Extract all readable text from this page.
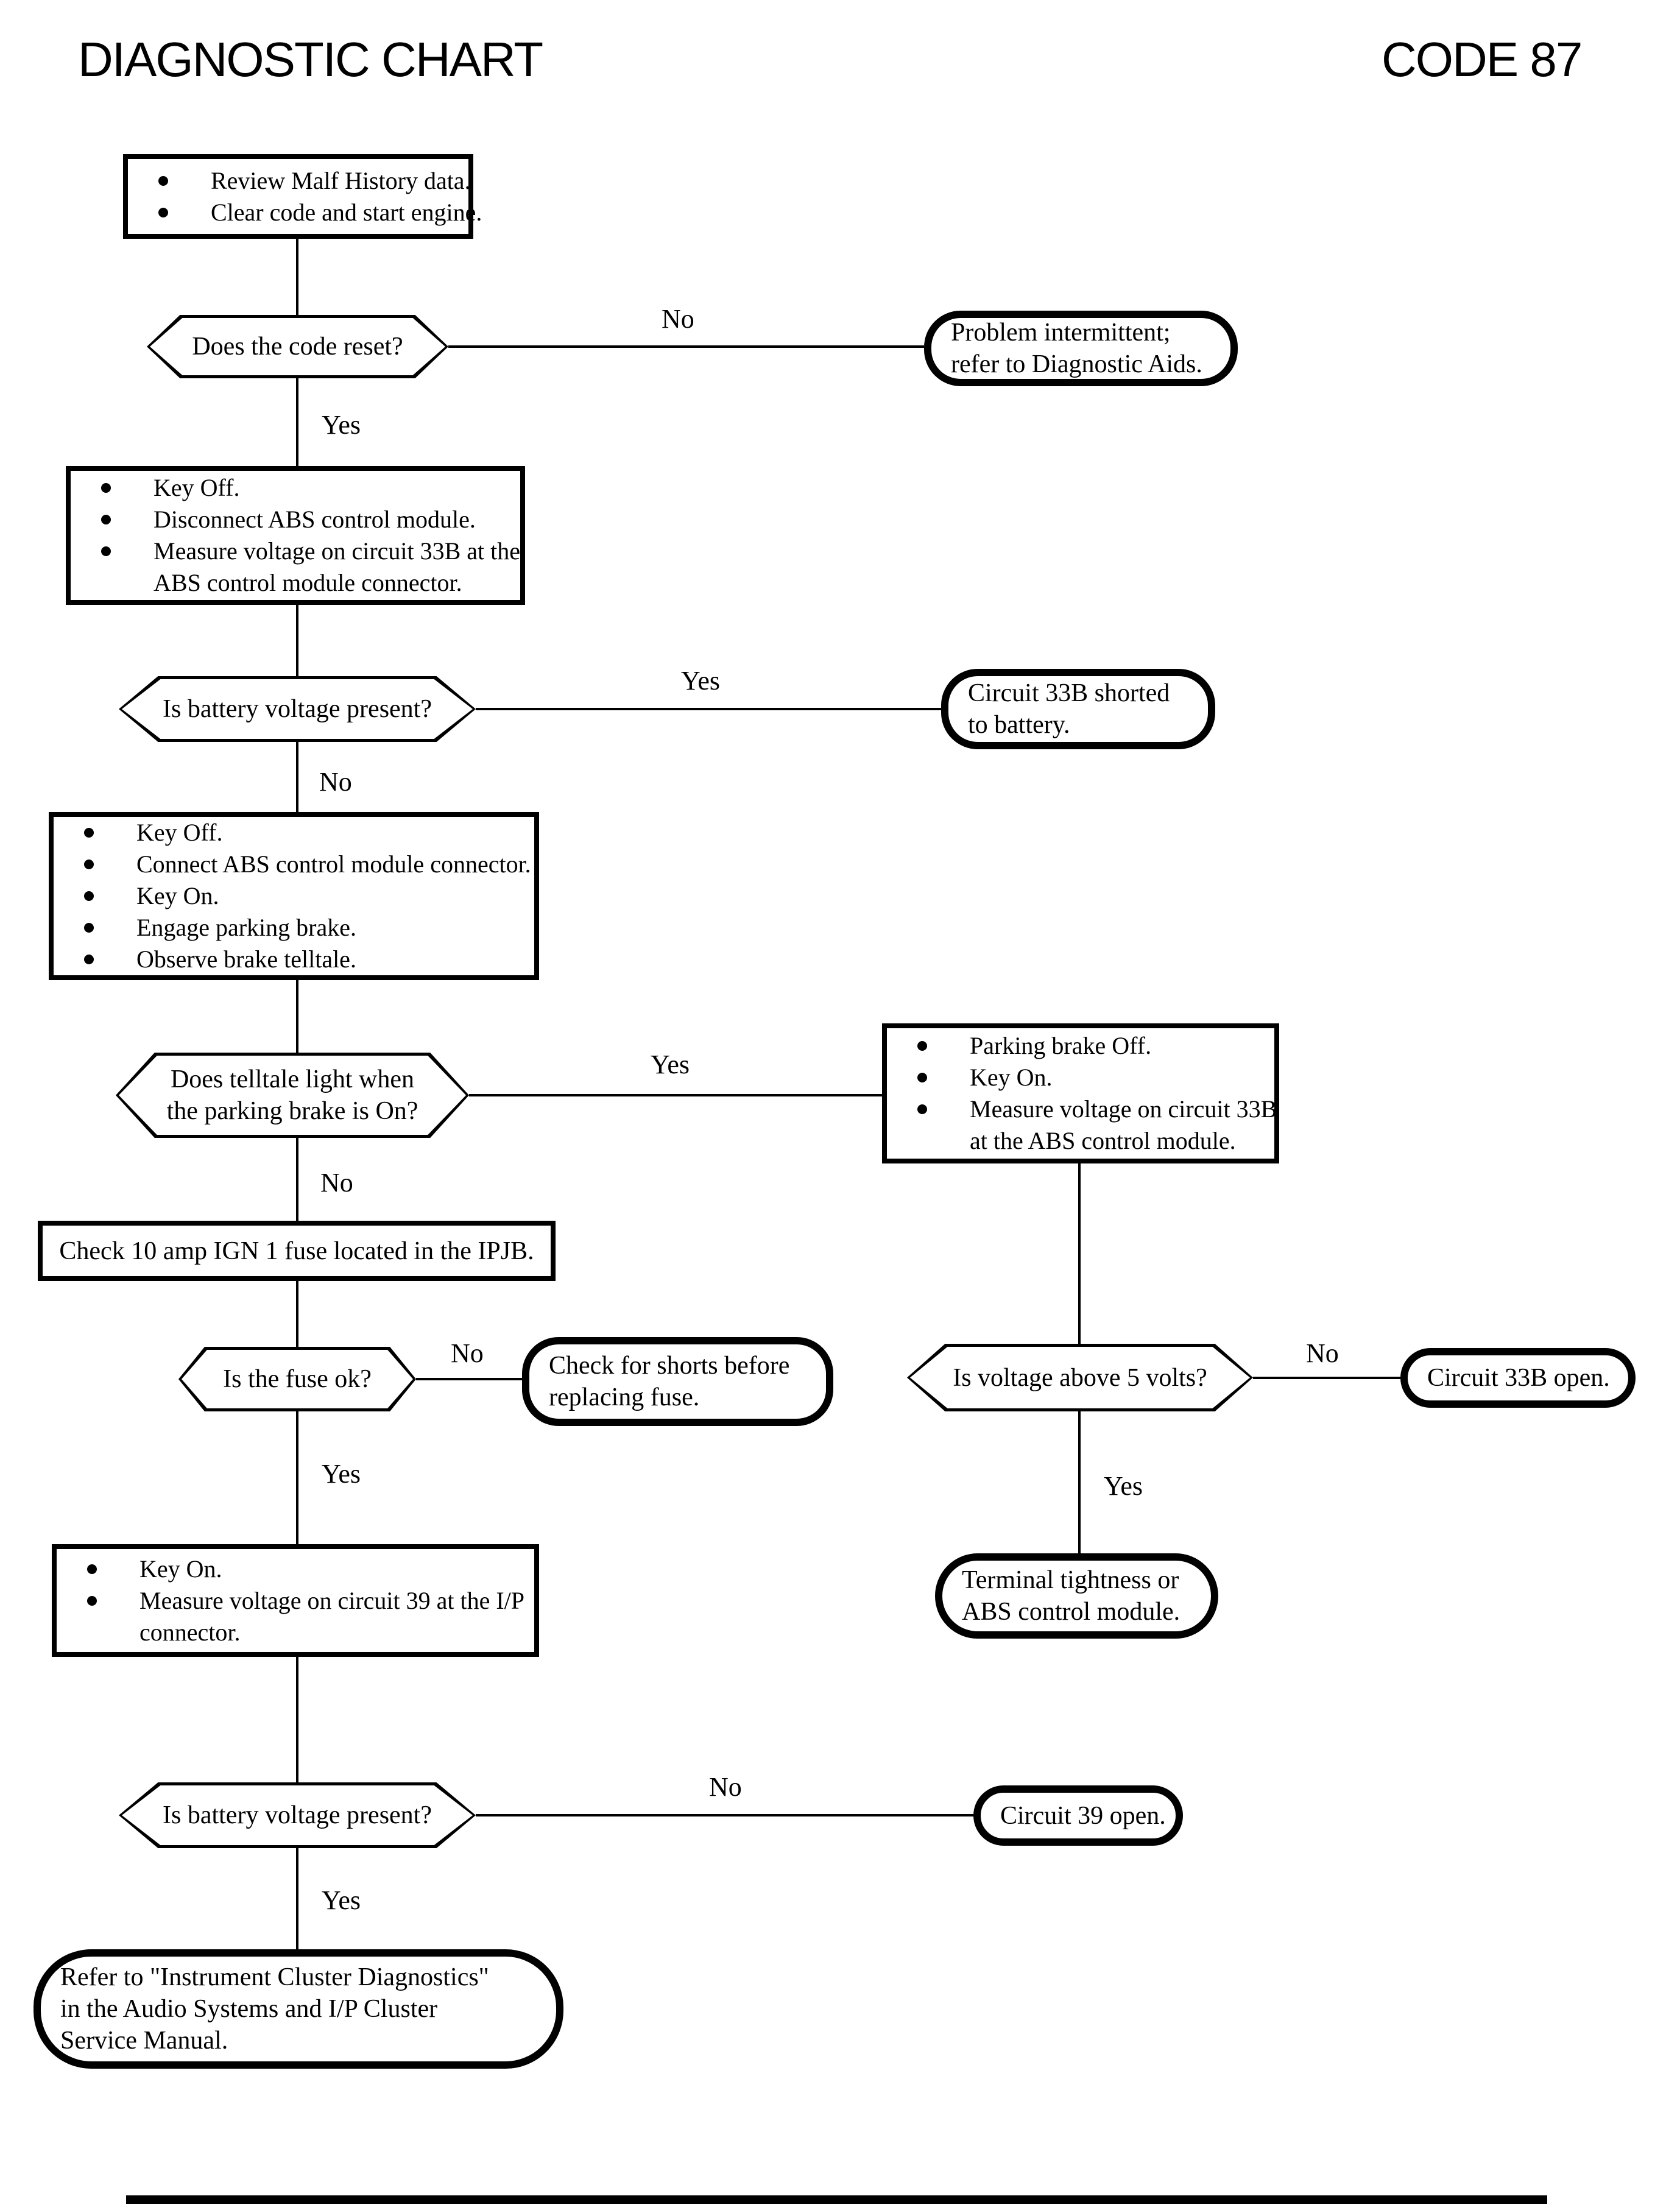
DIAGNOSTIC CHART	CODE 87
No
Yes
Yes
No
Yes
No
No	No
Yes	Yes
No
Yes
Review Malf History data.
Clear code and start engine.
Does the code reset?	Problem intermittent;
refer to Diagnostic Aids.
Key Off.
Disconnect ABS control module.
Measure voltage on circuit 33B at the
ABS control module connector.
Is battery voltage present?
Circuit 33B shorted
to battery.
Key Off.
Connect ABS control module connector.
Key On.
Engage parking brake.
Observe brake telltale.
Does telltale light when
the parking brake is On?
Parking brake Off.
Key On.
Measure voltage on circuit 33B
at the ABS control module.
Check 10 amp IGN 1 fuse located in the IPJB.
Is the fuse ok?	Check for shorts before
replacing fuse.
Is voltage above 5 volts?	Circuit 33B open.
Key On.
Measure voltage on circuit 39 at the I/P
connector.
Terminal tightness or
ABS control module.
Is battery voltage present?	Circuit 39 open.
Refer to "Instrument Cluster Diagnostics"
in the Audio Systems and I/P Cluster
Service Manual.
